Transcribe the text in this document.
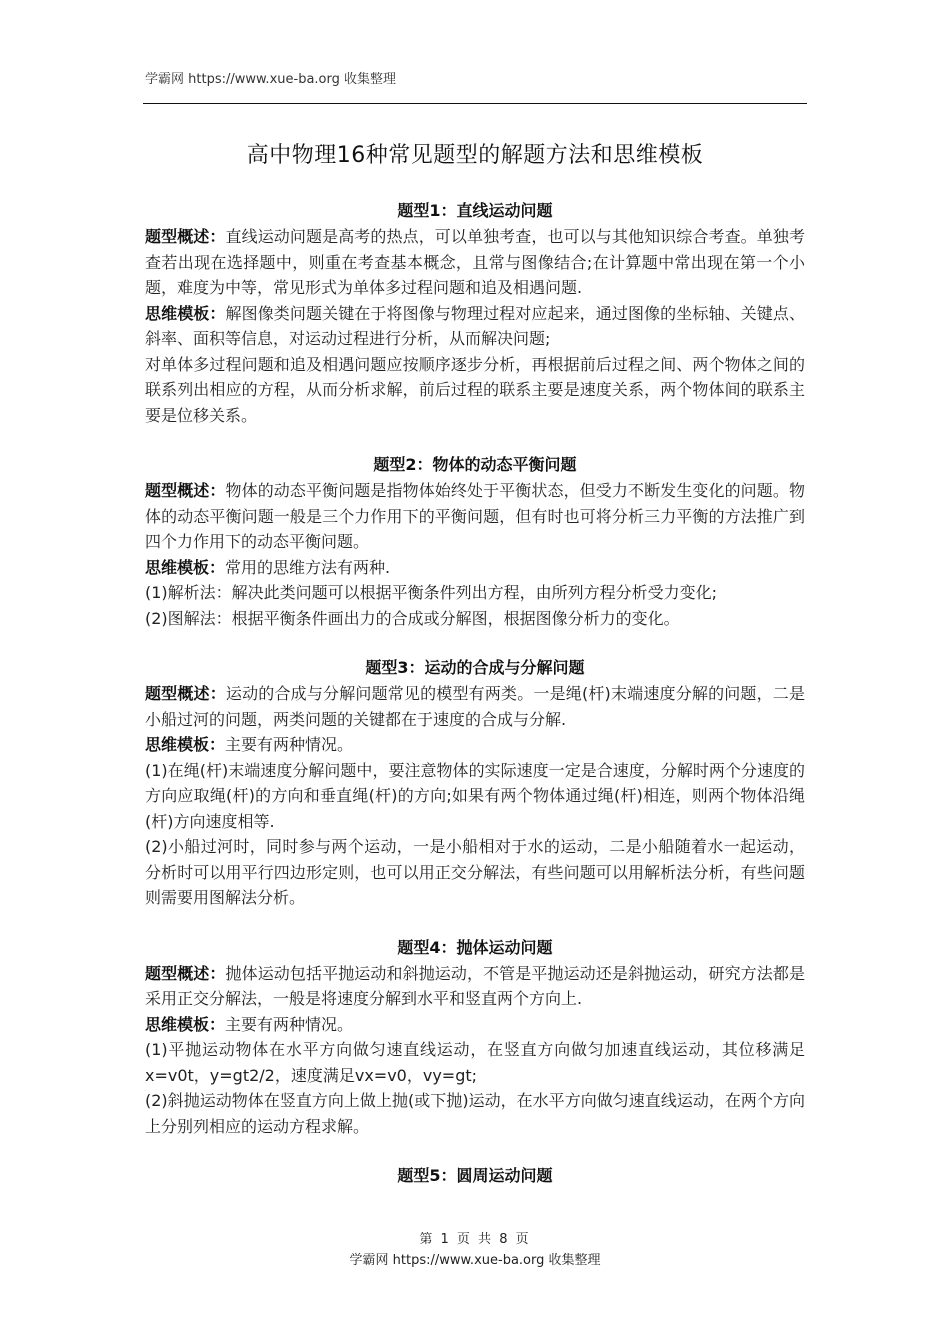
学霸网 https://www.xue-ba.org 收集整理
高中物理16种常见题型的解题方法和思维模板
题型1：直线运动问题
题型概述：直线运动问题是高考的热点，可以单独考查，也可以与其他知识综合考查。单独考查若出现在选择题中，则重在考查基本概念，且常与图像结合;在计算题中常出现在第一个小题，难度为中等，常见形式为单体多过程问题和追及相遇问题.
思维模板：解图像类问题关键在于将图像与物理过程对应起来，通过图像的坐标轴、关键点、斜率、面积等信息，对运动过程进行分析，从而解决问题;
对单体多过程问题和追及相遇问题应按顺序逐步分析，再根据前后过程之间、两个物体之间的联系列出相应的方程，从而分析求解，前后过程的联系主要是速度关系，两个物体间的联系主要是位移关系。
题型2：物体的动态平衡问题
题型概述：物体的动态平衡问题是指物体始终处于平衡状态，但受力不断发生变化的问题。物体的动态平衡问题一般是三个力作用下的平衡问题，但有时也可将分析三力平衡的方法推广到四个力作用下的动态平衡问题。
思维模板：常用的思维方法有两种.
(1)解析法：解决此类问题可以根据平衡条件列出方程，由所列方程分析受力变化;
(2)图解法：根据平衡条件画出力的合成或分解图，根据图像分析力的变化。
题型3：运动的合成与分解问题
题型概述：运动的合成与分解问题常见的模型有两类。一是绳(杆)末端速度分解的问题，二是小船过河的问题，两类问题的关键都在于速度的合成与分解.
思维模板：主要有两种情况。
(1)在绳(杆)末端速度分解问题中，要注意物体的实际速度一定是合速度，分解时两个分速度的方向应取绳(杆)的方向和垂直绳(杆)的方向;如果有两个物体通过绳(杆)相连，则两个物体沿绳(杆)方向速度相等.
(2)小船过河时，同时参与两个运动，一是小船相对于水的运动，二是小船随着水一起运动，分析时可以用平行四边形定则，也可以用正交分解法，有些问题可以用解析法分析，有些问题则需要用图解法分析。
题型4：抛体运动问题
题型概述：抛体运动包括平抛运动和斜抛运动，不管是平抛运动还是斜抛运动，研究方法都是采用正交分解法，一般是将速度分解到水平和竖直两个方向上.
思维模板：主要有两种情况。
(1)平抛运动物体在水平方向做匀速直线运动，在竖直方向做匀加速直线运动，其位移满足x=v0t，y=gt2/2，速度满足vx=v0，vy=gt;
(2)斜抛运动物体在竖直方向上做上抛(或下抛)运动，在水平方向做匀速直线运动，在两个方向上分别列相应的运动方程求解。
题型5：圆周运动问题
第 1 页 共 8 页
学霸网 https://www.xue-ba.org 收集整理
